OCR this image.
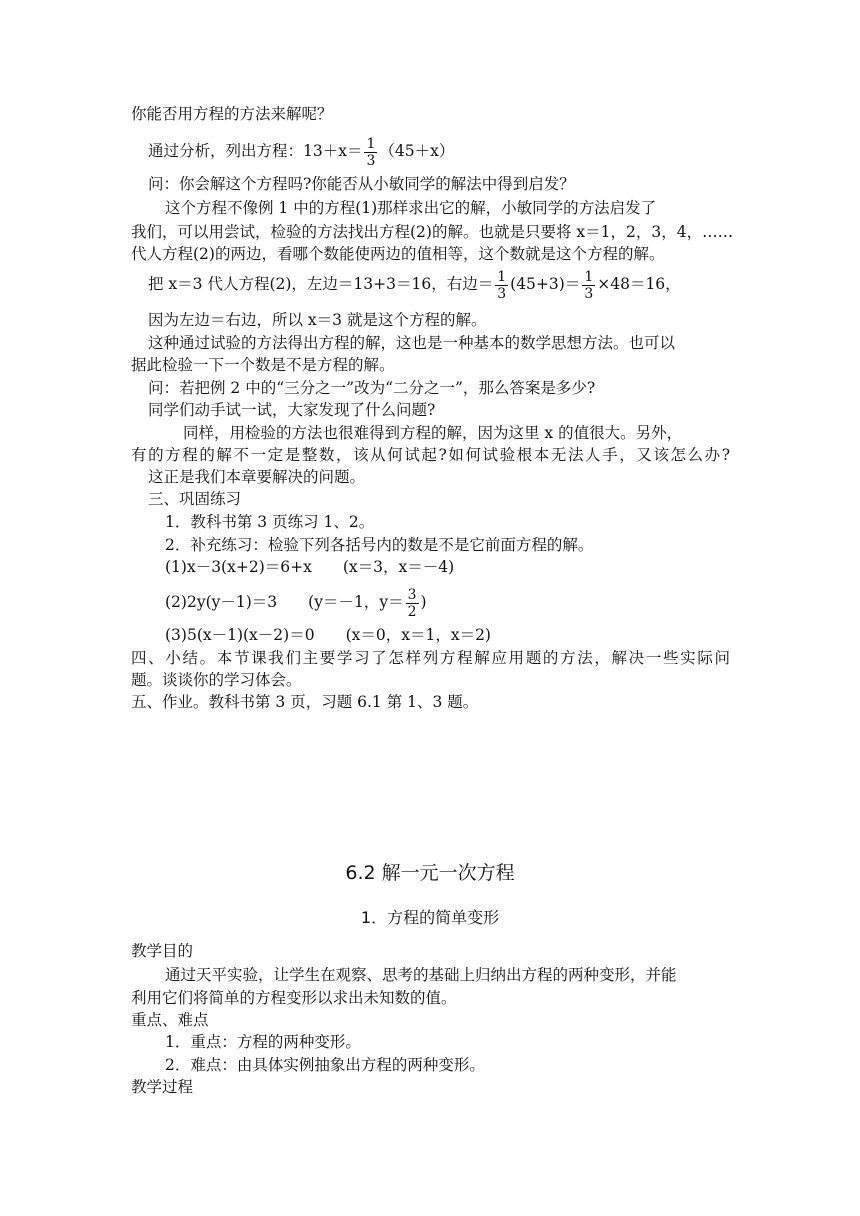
你能否用方程的方法来解呢？
通过分析，列出方程：$13+x= \frac{1}{3} (45+x)$
问：你会解这个方程吗?你能否从小敏同学的解法中得到启发？
这个方程不像例 1 中的方程(1)那样求出它的解，小敏同学的方法启发了
我们，可以用尝试，检验的方法找出方程(2)的解。也就是只要将 x＝1，2，3，4，……
代人方程(2)的两边，看哪个数能使两边的值相等，这个数就是这个方程的解。
把 x＝3 代人方程(2)，左边＝13+3＝16，右边＝ $\frac{1}{3} (45+3)= \frac{1}{3} \times 48=16$，
因为左边＝右边，所以 x＝3 就是这个方程的解。
这种通过试验的方法得出方程的解，这也是一种基本的数学思想方法。也可以
据此检验一下一个数是不是方程的解。
问：若把例 2 中的“三分之一”改为“二分之一”，那么答案是多少?
同学们动手试一试，大家发现了什么问题?
同样，用检验的方法也很难得到方程的解，因为这里 x 的值很大。另外，
有的方程的解不一定是整数，该从何试起?如何试验根本无法人手，又该怎么办?
这正是我们本章要解决的问题。
三、巩固练习
1．教科书第 3 页练习 1、2。
2．补充练习：检验下列各括号内的数是不是它前面方程的解。
(1)x－3(x+2)＝6+x　　(x＝3，x＝－4)
(2)2y(y－1)＝3　　(y＝－1，$y= \frac{3}{2}$ )
(3)5(x－1)(x－2)＝0　　(x＝0，x＝1，x＝2)
四、小结。本节课我们主要学习了怎样列方程解应用题的方法，解决一些实际问
题。谈谈你的学习体会。
五、作业。教科书第 3 页，习题 6.1 第 1、3 题。
6.2 解一元一次方程
1．方程的简单变形
教学目的
通过天平实验，让学生在观察、思考的基础上归纳出方程的两种变形，并能
利用它们将简单的方程变形以求出未知数的值。
重点、难点
1．重点：方程的两种变形。
2．难点：由具体实例抽象出方程的两种变形。
教学过程
